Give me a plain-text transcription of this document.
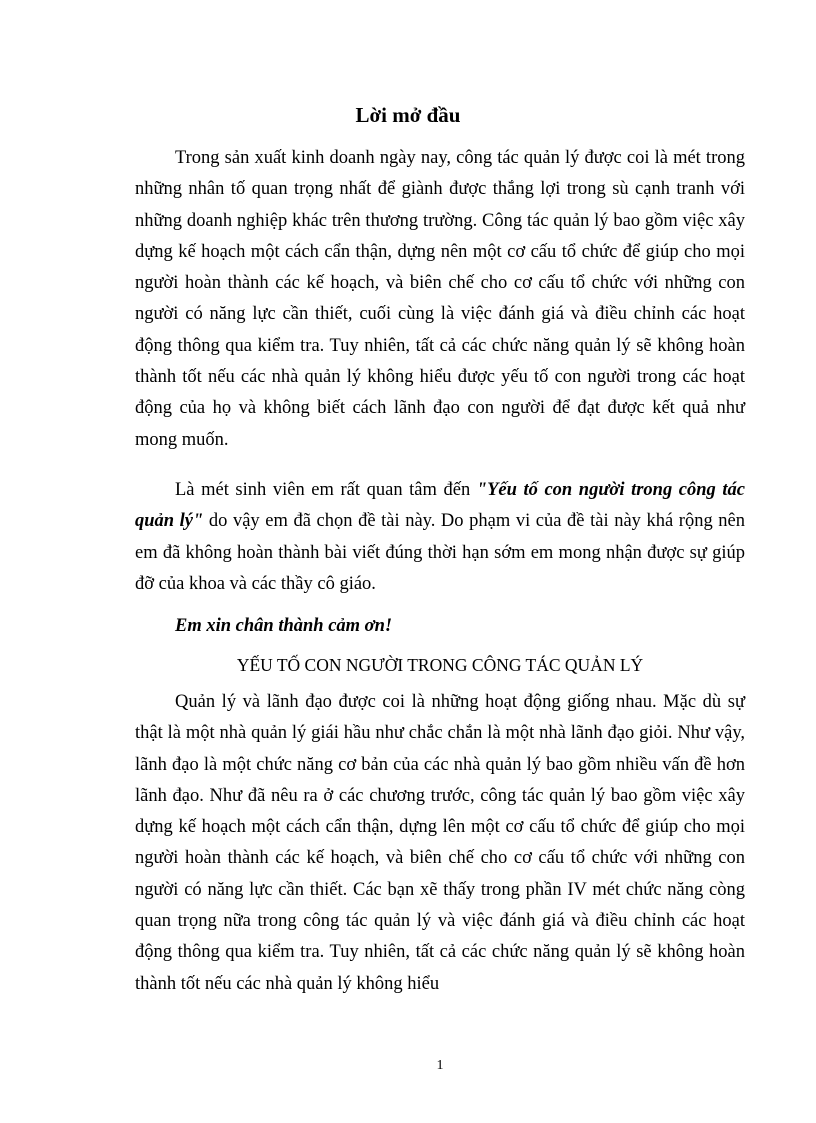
Lời mở đầu

Trong sản xuất kinh doanh ngày nay, công tác quản lý được coi là mét trong những nhân tố quan trọng nhất để giành được thắng lợi trong sù cạnh tranh với những doanh nghiệp khác trên thương trường. Công tác quản lý bao gồm việc xây dựng kế hoạch một cách cẩn thận, dựng nên một cơ cấu tổ chức để giúp cho mọi người hoàn thành các kế hoạch, và biên chế cho cơ cấu tổ chức với những con người có năng lực cần thiết, cuối cùng là việc đánh giá và điều chỉnh các hoạt động thông qua kiểm tra. Tuy nhiên, tất cả các chức năng quản lý sẽ không hoàn thành tốt nếu các nhà quản lý không hiểu được yếu tố con người trong các hoạt động của họ và không biết cách lãnh đạo con người để đạt được kết quả như mong muốn.

Là mét sinh viên em rất quan tâm đến "Yếu tố con người trong công tác quản lý" do vậy em đã chọn đề tài này. Do phạm vi của đề tài này khá rộng nên em đã không hoàn thành bài viết đúng thời hạn sớm em mong nhận được sự giúp đỡ của khoa và các thầy cô giáo.

Em xin chân thành cảm ơn!
YẾU TỐ CON NGƯỜI TRONG CÔNG TÁC QUẢN LÝ

Quản lý và lãnh đạo được coi là những hoạt động giống nhau. Mặc dù sự thật là một nhà quản lý giái hầu như chắc chắn là một nhà lãnh đạo giỏi. Như vậy, lãnh đạo là một chức năng cơ bản của các nhà quản lý bao gồm nhiều vấn đề hơn lãnh đạo. Như đã nêu ra ở các chương trước, công tác quản lý bao gồm việc xây dựng kế hoạch một cách cẩn thận, dựng lên một cơ cấu tổ chức để giúp cho mọi người hoàn thành các kế hoạch, và biên chế cho cơ cấu tổ chức với những con người có năng lực cần thiết. Các bạn xẽ thấy trong phần IV mét chức năng còng quan trọng nữa trong công tác quản lý và việc đánh giá và điều chỉnh các hoạt động thông qua kiểm tra. Tuy nhiên, tất cả các chức năng quản lý sẽ không hoàn thành tốt nếu các nhà quản lý không hiểu

1
